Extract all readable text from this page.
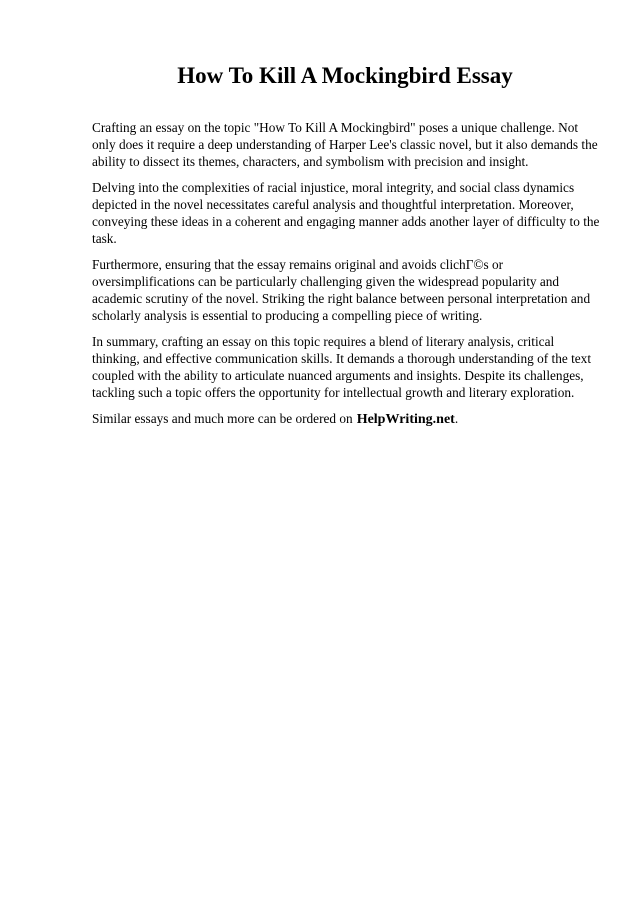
How To Kill A Mockingbird Essay

Crafting an essay on the topic "How To Kill A Mockingbird" poses a unique challenge. Not only does it require a deep understanding of Harper Lee's classic novel, but it also demands the ability to dissect its themes, characters, and symbolism with precision and insight.

Delving into the complexities of racial injustice, moral integrity, and social class dynamics depicted in the novel necessitates careful analysis and thoughtful interpretation. Moreover, conveying these ideas in a coherent and engaging manner adds another layer of difficulty to the task.

Furthermore, ensuring that the essay remains original and avoids clichГ©s or oversimplifications can be particularly challenging given the widespread popularity and academic scrutiny of the novel. Striking the right balance between personal interpretation and scholarly analysis is essential to producing a compelling piece of writing.

In summary, crafting an essay on this topic requires a blend of literary analysis, critical thinking, and effective communication skills. It demands a thorough understanding of the text coupled with the ability to articulate nuanced arguments and insights. Despite its challenges, tackling such a topic offers the opportunity for intellectual growth and literary exploration.

Similar essays and much more can be ordered on HelpWriting.net.
